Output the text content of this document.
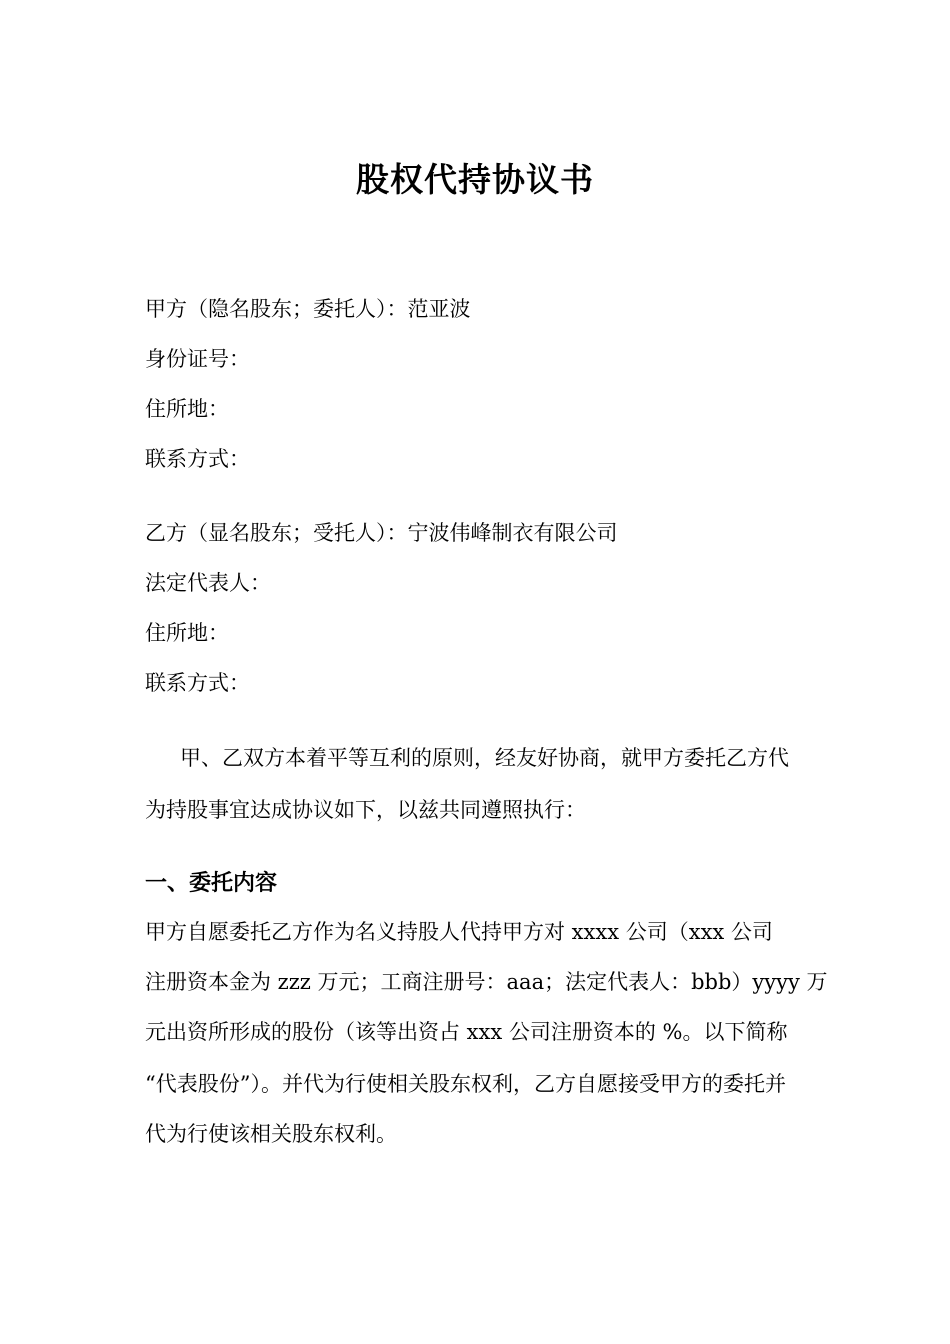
股权代持协议书
甲方（隐名股东；委托人）：范亚波
身份证号：
住所地：
联系方式：
乙方（显名股东；受托人）：宁波伟峰制衣有限公司
法定代表人：
住所地：
联系方式：
甲、乙双方本着平等互利的原则，经友好协商，就甲方委托乙方代
为持股事宜达成协议如下，以兹共同遵照执行：
一、委托内容
甲方自愿委托乙方作为名义持股人代持甲方对 xxxx 公司（xxx 公司
注册资本金为 zzz 万元；工商注册号：aaa；法定代表人：bbb）yyyy 万
元出资所形成的股份（该等出资占 xxx 公司注册资本的 %。以下简称
“代表股份”）。并代为行使相关股东权利，乙方自愿接受甲方的委托并
代为行使该相关股东权利。
